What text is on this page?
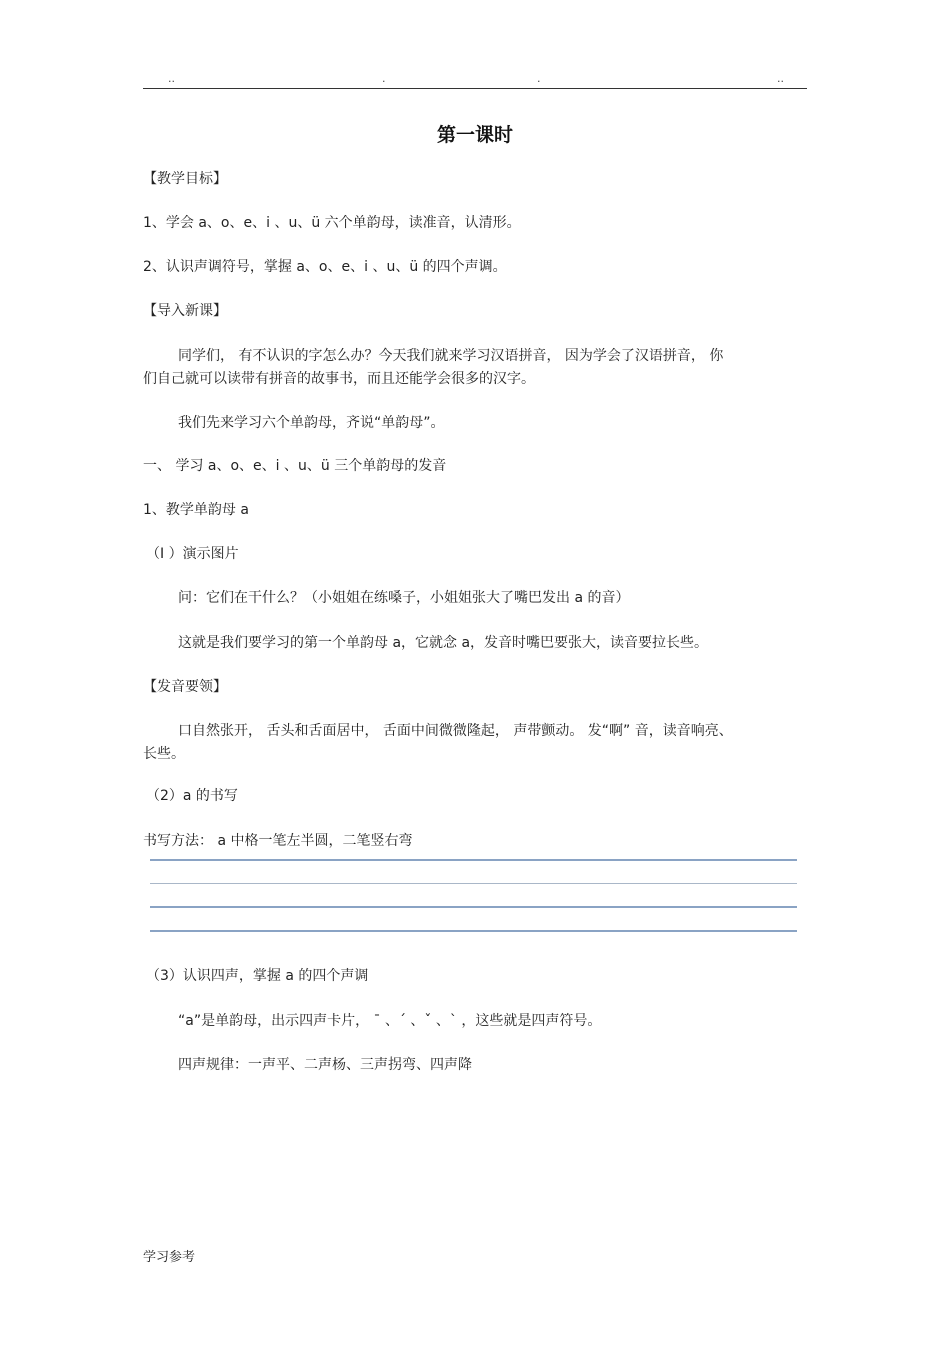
..	.	.	..
第一课时

【教学目标】

1、学会 a、o、e、i 、u、ü 六个单韵母，读准音，认清形。

2、认识声调符号，掌握 a、o、e、i 、u、ü 的四个声调。

【导入新课】

同学们， 有不认识的字怎么办？今天我们就来学习汉语拼音， 因为学会了汉语拼音， 你

们自己就可以读带有拼音的故事书，而且还能学会很多的汉字。

我们先来学习六个单韵母，齐说“单韵母”。

一、 学习 a、o、e、i 、u、ü 三个单韵母的发音

1、教学单韵母 a

（I ）演示图片

问：它们在干什么？（小姐姐在练嗓子，小姐姐张大了嘴巴发出 a 的音）

这就是我们要学习的第一个单韵母 a，它就念 a，发音时嘴巴要张大，读音要拉长些。

【发音要领】

口自然张开， 舌头和舌面居中， 舌面中间微微隆起， 声带颤动。 发“啊” 音，读音响亮、

长些。

（2）a 的书写

书写方法： a 中格一笔左半圆，二笔竖右弯

（3）认识四声，掌握 a 的四个声调

“a”是单韵母，出示四声卡片， ˉ 、ˊ 、ˇ 、ˋ ，这些就是四声符号。

四声规律：一声平、二声杨、三声拐弯、四声降

学习参考
